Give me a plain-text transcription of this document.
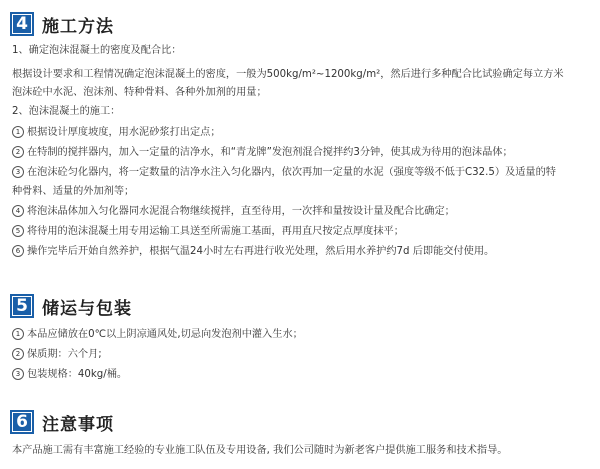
4 施工方法
1、确定泡沫混凝土的密度及配合比：
根据设计要求和工程情况确定泡沫混凝土的密度，一般为500kg/m²~1200kg/m²，然后进行多种配合比试验确定每立方米
泡沫砼中水泥、泡沫剂、特种骨料、各种外加剂的用量；
2、泡沫混凝土的施工：
1 根据设计厚度坡度，用水泥砂浆打出定点；
2 在特制的搅拌器内，加入一定量的洁净水，和“青龙牌”发泡剂混合搅拌约3分钟，使其成为待用的泡沫晶体；
3 在泡沫砼匀化器内，将一定数量的洁净水注入匀化器内，依次再加一定量的水泥（强度等级不低于C32.5）及适量的特
种骨料、适量的外加剂等；
4 将泡沫晶体加入匀化器同水泥混合物继续搅拌，直至待用，一次拌和量按设计量及配合比确定；
5 将待用的泡沫混凝土用专用运输工具送至所需施工基面，再用直尺按定点厚度抹平；
6 操作完毕后开始自然养护，根据气温24小时左右再进行收光处理，然后用水养护约7d 后即能交付使用。
5 储运与包装
1 本品应储放在0℃以上阴凉通风处,切忌向发泡剂中灌入生水；
2 保质期：六个月;
3 包装规格：40kg/桶。
6 注意事项
本产品施工需有丰富施工经验的专业施工队伍及专用设备, 我们公司随时为新老客户提供施工服务和技术指导。
